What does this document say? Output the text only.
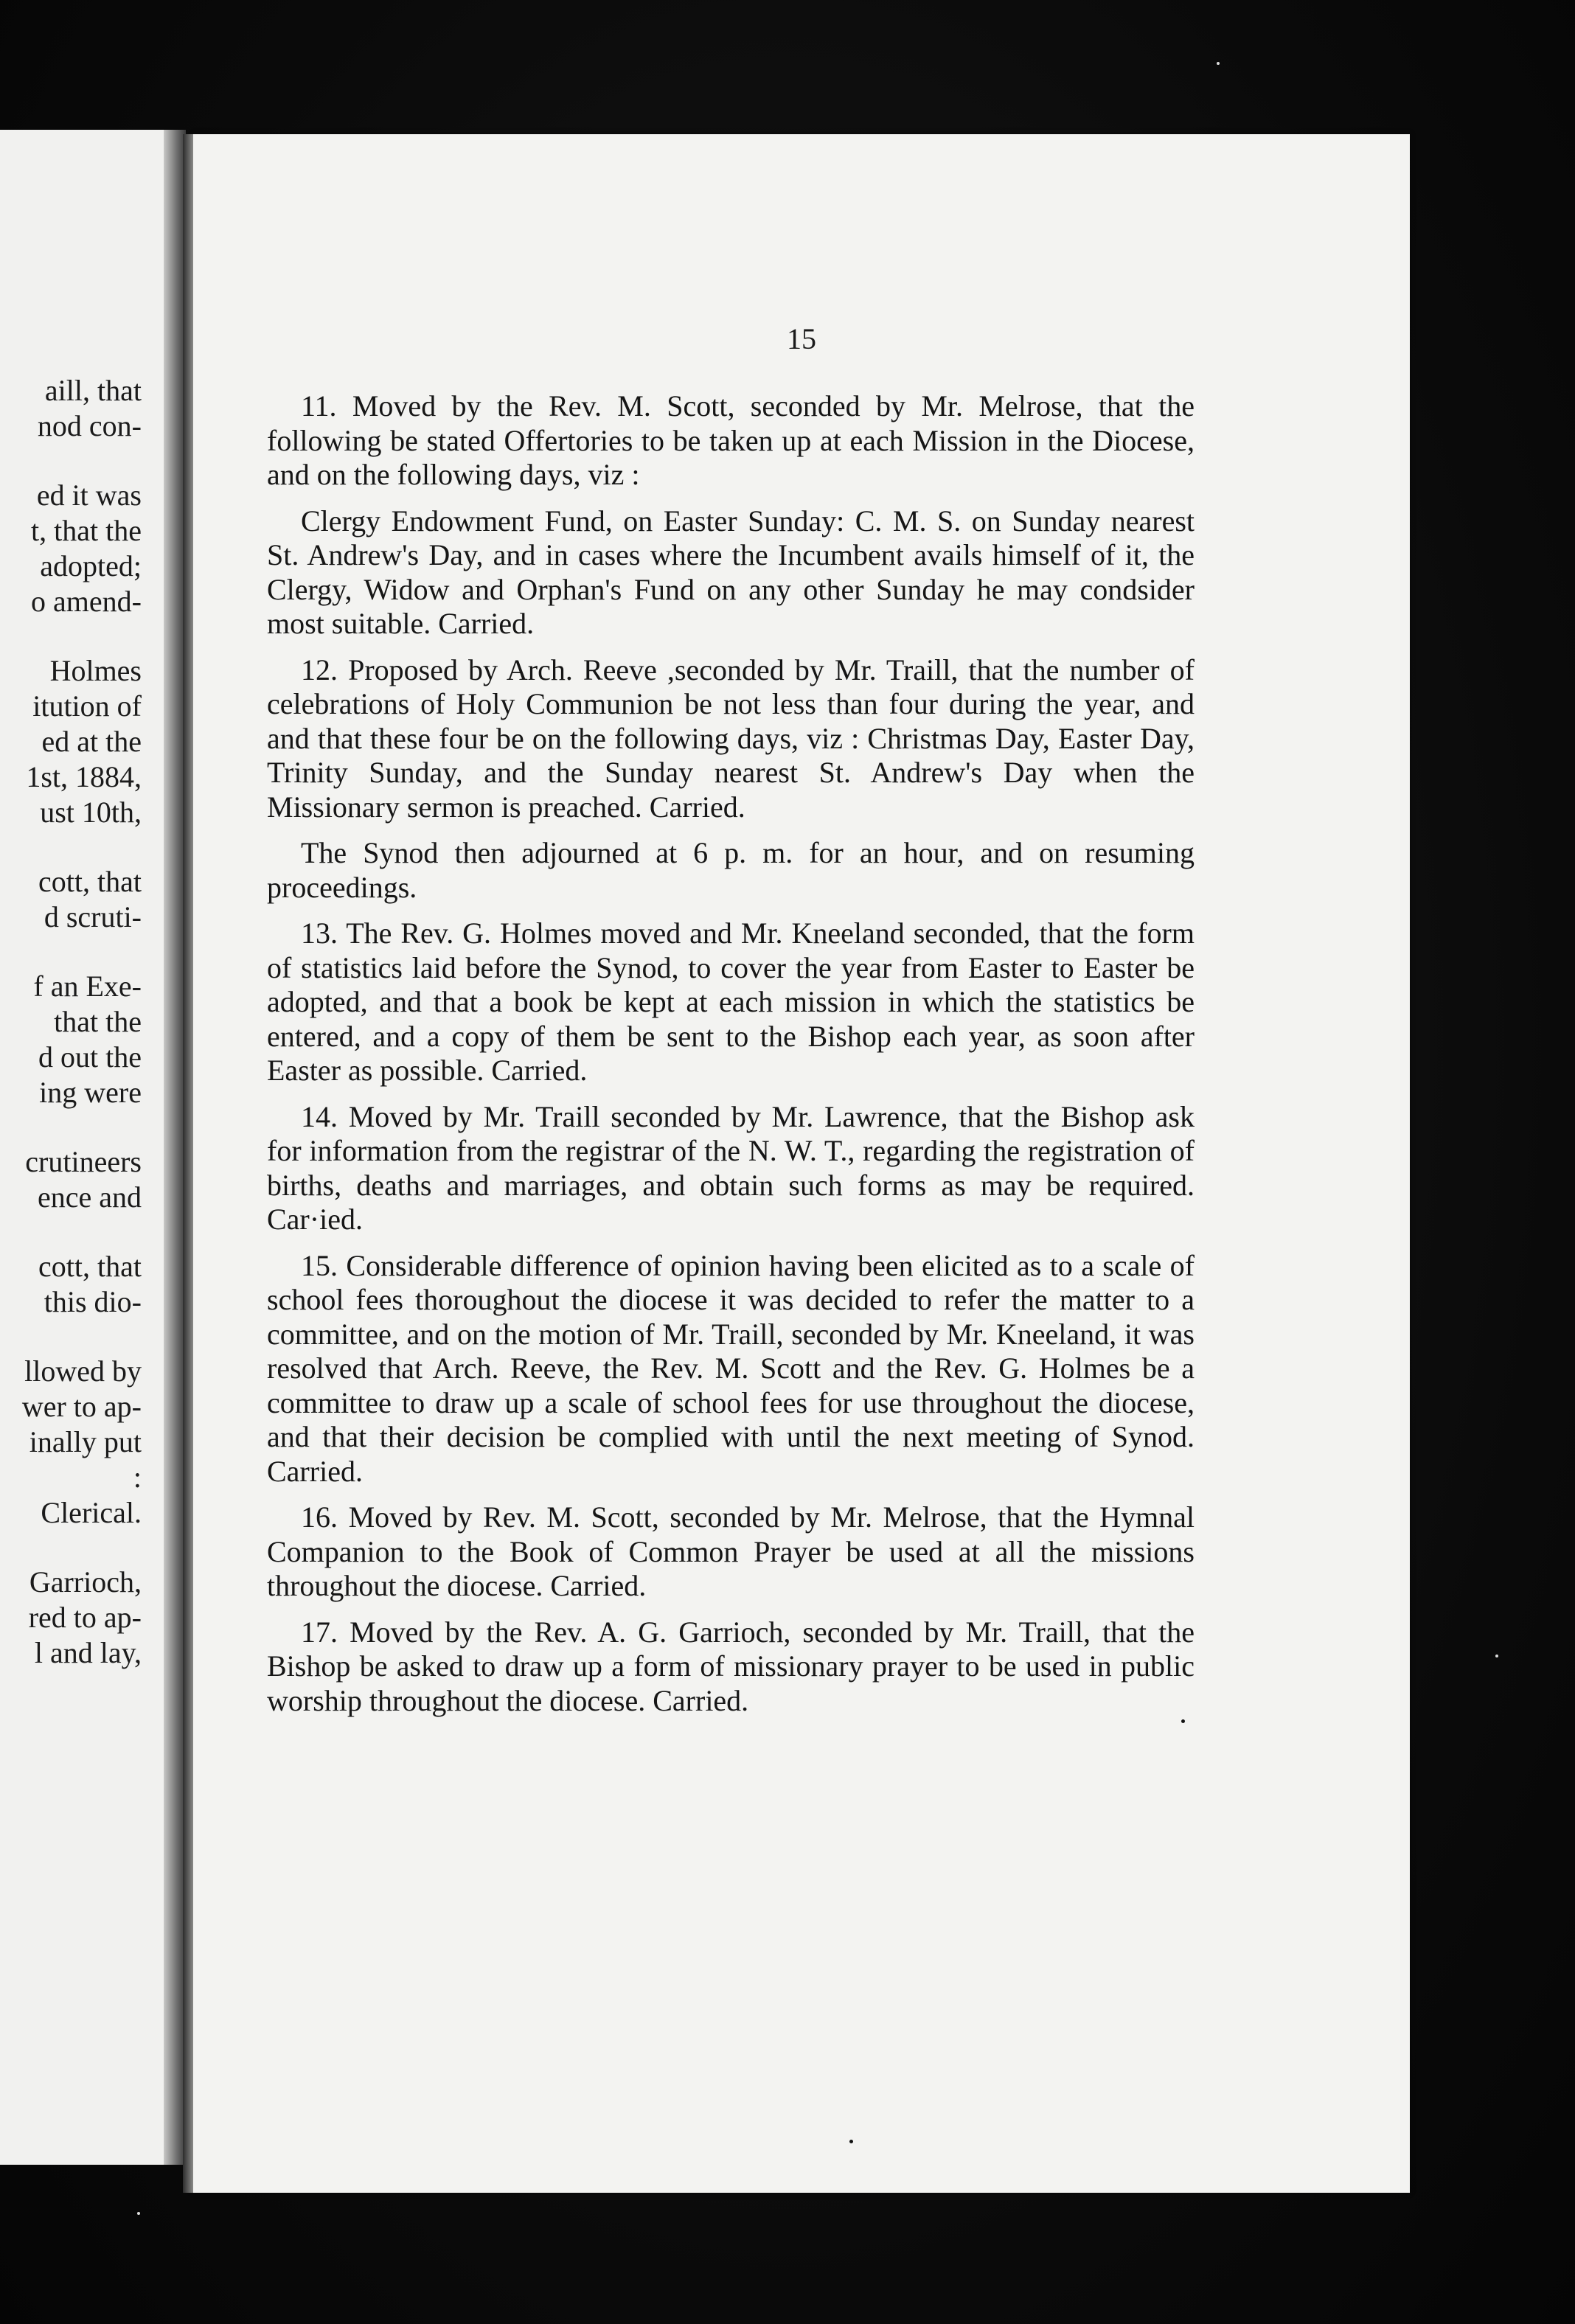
aill, that
nod con-
ed it was
t, that the
adopted;
o amend-
Holmes
itution of
ed at the
1st, 1884,
ust 10th,
cott, that
d scruti-
f an Exe-
that the
d out the
ing were
crutineers
ence and
cott, that
this dio-
llowed by
wer to ap-
inally put
:
Clerical.
Garrioch,
red to ap-
l and lay,
15

11. Moved by the Rev. M. Scott, seconded by Mr. Melrose, that the following be stated Offertories to be taken up at each Mission in the Diocese, and on the following days, viz :

Clergy Endowment Fund, on Easter Sunday: C. M. S. on Sunday nearest St. Andrew's Day, and in cases where the Incumbent avails himself of it, the Clergy, Widow and Orphan's Fund on any other Sunday he may condsider most suitable. Carried.

12. Proposed by Arch. Reeve ,seconded by Mr. Traill, that the number of celebrations of Holy Communion be not less than four during the year, and and that these four be on the following days, viz : Christmas Day, Easter Day, Trinity Sunday, and the Sunday nearest St. Andrew's Day when the Missionary sermon is preached. Carried.

The Synod then adjourned at 6 p. m. for an hour, and on resuming proceedings.

13. The Rev. G. Holmes moved and Mr. Kneeland seconded, that the form of statistics laid before the Synod, to cover the year from Easter to Easter be adopted, and that a book be kept at each mission in which the statistics be entered, and a copy of them be sent to the Bishop each year, as soon after Easter as possible. Carried.

14. Moved by Mr. Traill seconded by Mr. Lawrence, that the Bishop ask for information from the registrar of the N. W. T., regarding the registration of births, deaths and marriages, and obtain such forms as may be required. Car·ied.

15. Considerable difference of opinion having been elicited as to a scale of school fees thoroughout the diocese it was decided to refer the matter to a committee, and on the motion of Mr. Traill, seconded by Mr. Kneeland, it was resolved that Arch. Reeve, the Rev. M. Scott and the Rev. G. Holmes be a committee to draw up a scale of school fees for use throughout the diocese, and that their decision be complied with until the next meeting of Synod. Carried.

16. Moved by Rev. M. Scott, seconded by Mr. Melrose, that the Hymnal Companion to the Book of Common Prayer be used at all the missions throughout the diocese. Carried.

17. Moved by the Rev. A. G. Garrioch, seconded by Mr. Traill, that the Bishop be asked to draw up a form of missionary prayer to be used in public worship throughout the diocese. Carried.
